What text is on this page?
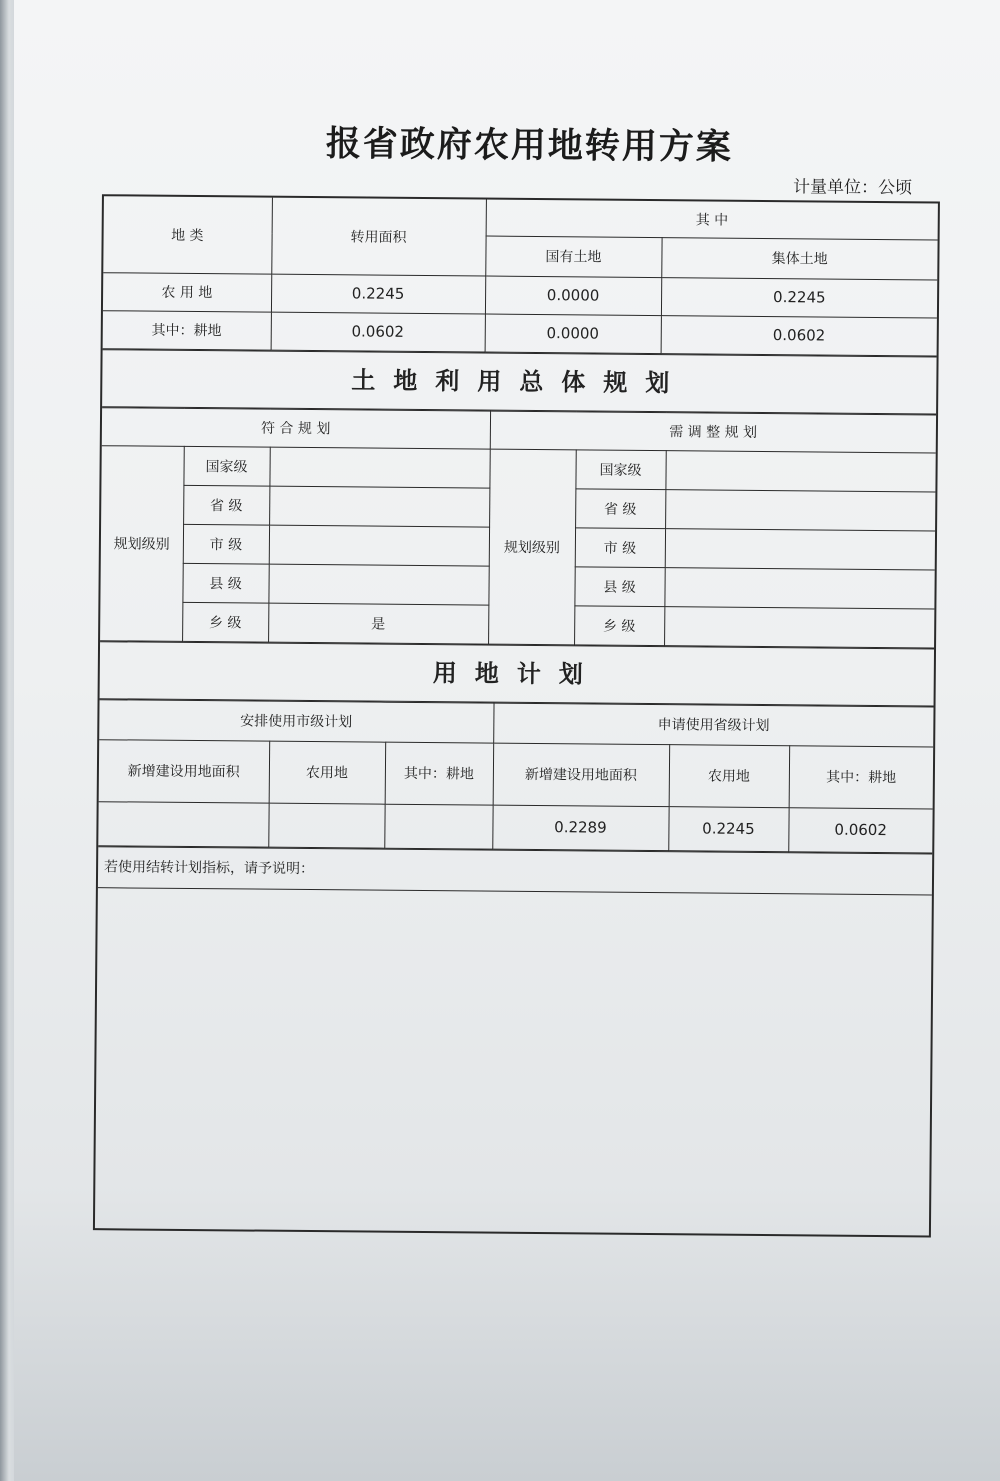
报省政府农用地转用方案
计量单位：公顷
地 类	转用面积	其 中	
		国有土地	集体土地
农 用 地	0.2245	0.0000	0.2245
其中：耕地	0.0602	0.0000	0.0602
土地利用总体规划
符 合 规 划			需 调 整 规 划		
规划级别	国家级		规划级别	国家级	
	省 级			省 级	
	市 级			市 级	
	县 级			县 级	
	乡 级	是		乡 级	
用地计划
安排使用市级计划			申请使用省级计划		
新增建设用地面积	农用地	其中：耕地	新增建设用地面积	农用地	其中：耕地
			0.2289	0.2245	0.0602
若使用结转计划指标，请予说明：
